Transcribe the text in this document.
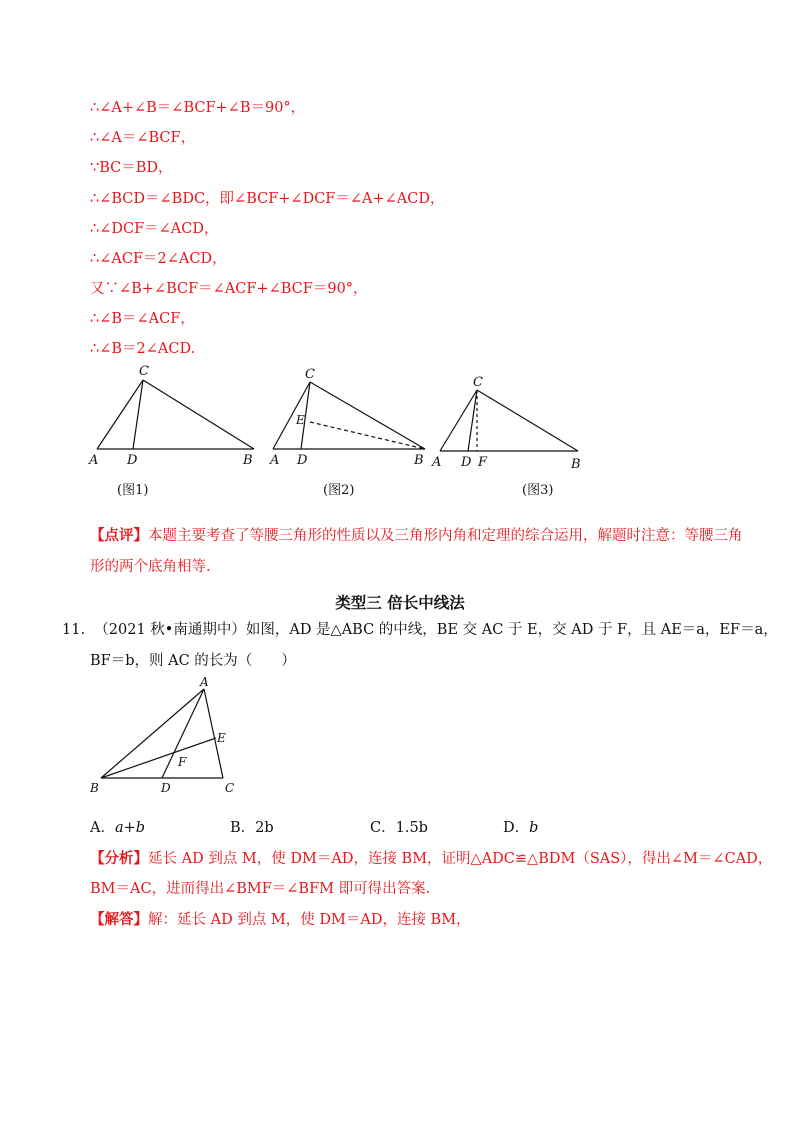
∴∠A+∠B＝∠BCF+∠B＝90°，
∴∠A＝∠BCF，
∵BC＝BD，
∴∠BCD＝∠BDC，即∠BCF+∠DCF＝∠A+∠ACD，
∴∠DCF＝∠ACD，
∴∠ACF＝2∠ACD，
又∵∠B+∠BCF＝∠ACF+∠BCF＝90°，
∴∠B＝∠ACF，
∴∠B＝2∠ACD.
C
A D	B
(图1)
C
E
A D	B
(图2)
C
A D F	B
(图3)
【点评】本题主要考查了等腰三角形的性质以及三角形内角和定理的综合运用，解题时注意：等腰三角
形的两个底角相等.
类型三 倍长中线法
11. （2021 秋•南通期中）如图，AD 是△ABC 的中线，BE 交 AC 于 E，交 AD 于 F，且 AE＝a，EF＝a，
BF＝b，则 AC 的长为（　　）
A
E
F
B	D	C
A．a+b	B．2b	C．1.5b	D．b
【分析】延长 AD 到点 M，使 DM＝AD，连接 BM，证明△ADC≌△BDM（SAS），得出∠M＝∠CAD，
BM＝AC，进而得出∠BMF＝∠BFM 即可得出答案.
【解答】解：延长 AD 到点 M，使 DM＝AD，连接 BM，
